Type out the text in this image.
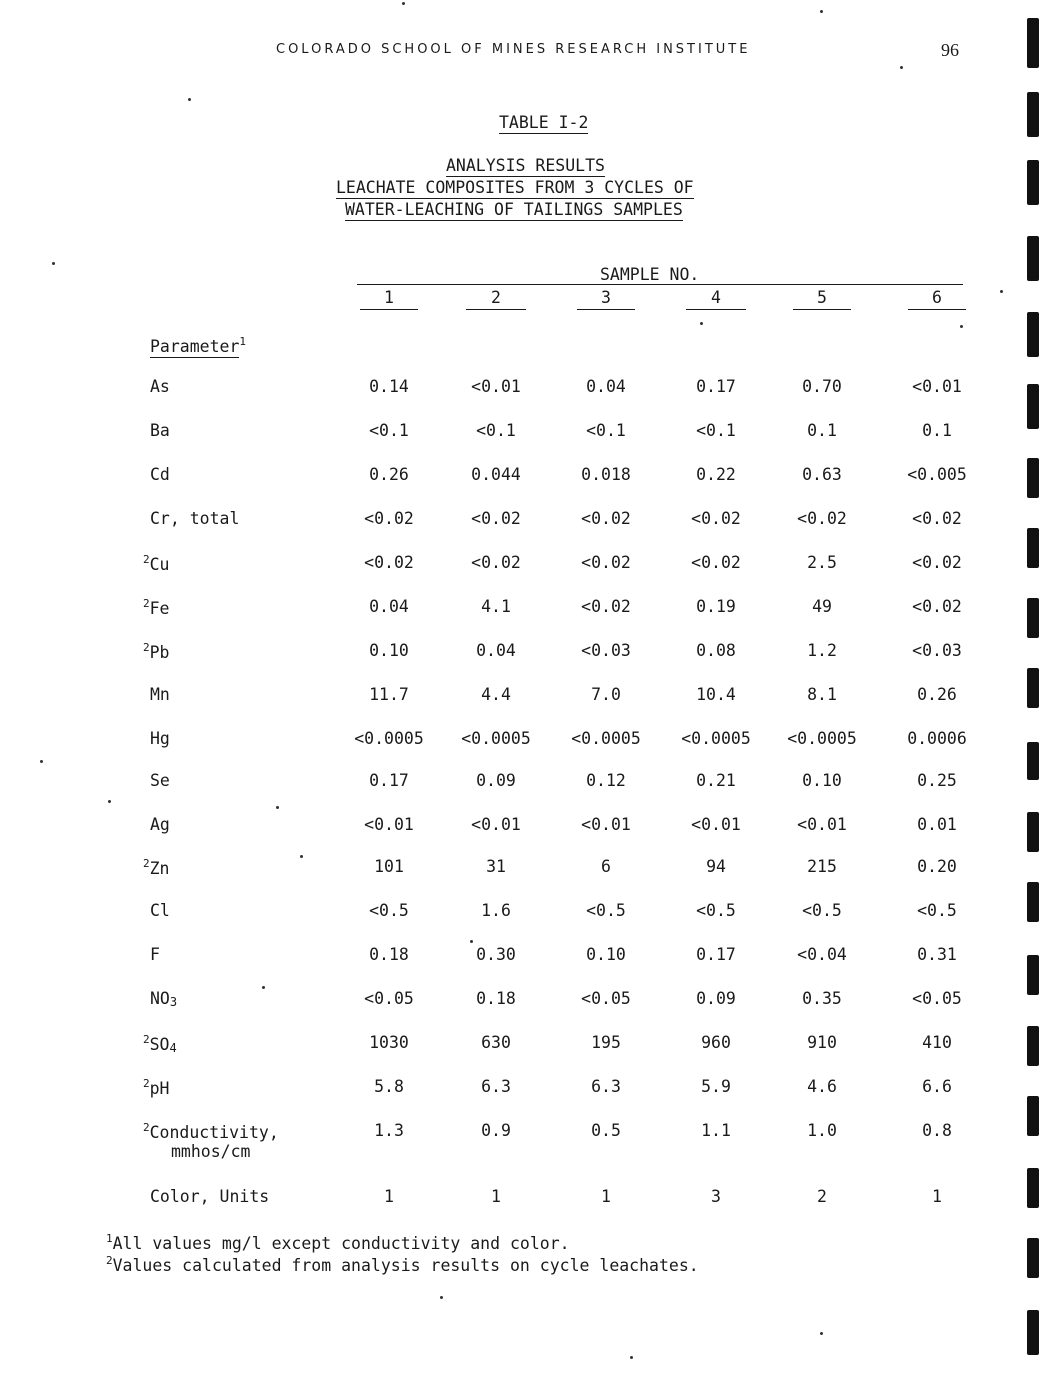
COLORADO SCHOOL OF MINES RESEARCH INSTITUTE	96
TABLE I-2
ANALYSIS RESULTS
LEACHATE COMPOSITES FROM 3 CYCLES OF
WATER-LEACHING OF TAILINGS SAMPLES
SAMPLE NO.
1	2	3	4	5	6
Parameter$^1$
As	0.14	<0.01	0.04	0.17	0.70	<0.01
Ba	<0.1	<0.1	<0.1	<0.1	0.1	0.1
Cd	0.26	0.044	0.018	0.22	0.63	<0.005
Cr, total	<0.02	<0.02	<0.02	<0.02	<0.02	<0.02
$^2$Cu	<0.02	<0.02	<0.02	<0.02	2.5	<0.02
$^2$Fe	0.04	4.1	<0.02	0.19	49	<0.02
$^2$Pb	0.10	0.04	<0.03	0.08	1.2	<0.03
Mn	11.7	4.4	7.0	10.4	8.1	0.26
Hg	<0.0005	<0.0005	<0.0005	<0.0005	<0.0005	0.0006
Se	0.17	0.09	0.12	0.21	0.10	0.25
Ag	<0.01	<0.01	<0.01	<0.01	<0.01	0.01
$^2$Zn	101	31	6	94	215	0.20
Cl	<0.5	1.6	<0.5	<0.5	<0.5	<0.5
F	0.18	0.30	0.10	0.17	<0.04	0.31
$NO_3$	<0.05	0.18	<0.05	0.09	0.35	<0.05
$^2SO_4$	1030	630	195	960	910	410
$^2$pH	5.8	6.3	6.3	5.9	4.6	6.6
$^2$Conductivity,
mmhos/cm
1.3	0.9	0.5	1.1	1.0	0.8
Color, Units	1	1	1	3	2	1
$^1$All values mg/l except conductivity and color.
$^2$Values calculated from analysis results on cycle leachates.
